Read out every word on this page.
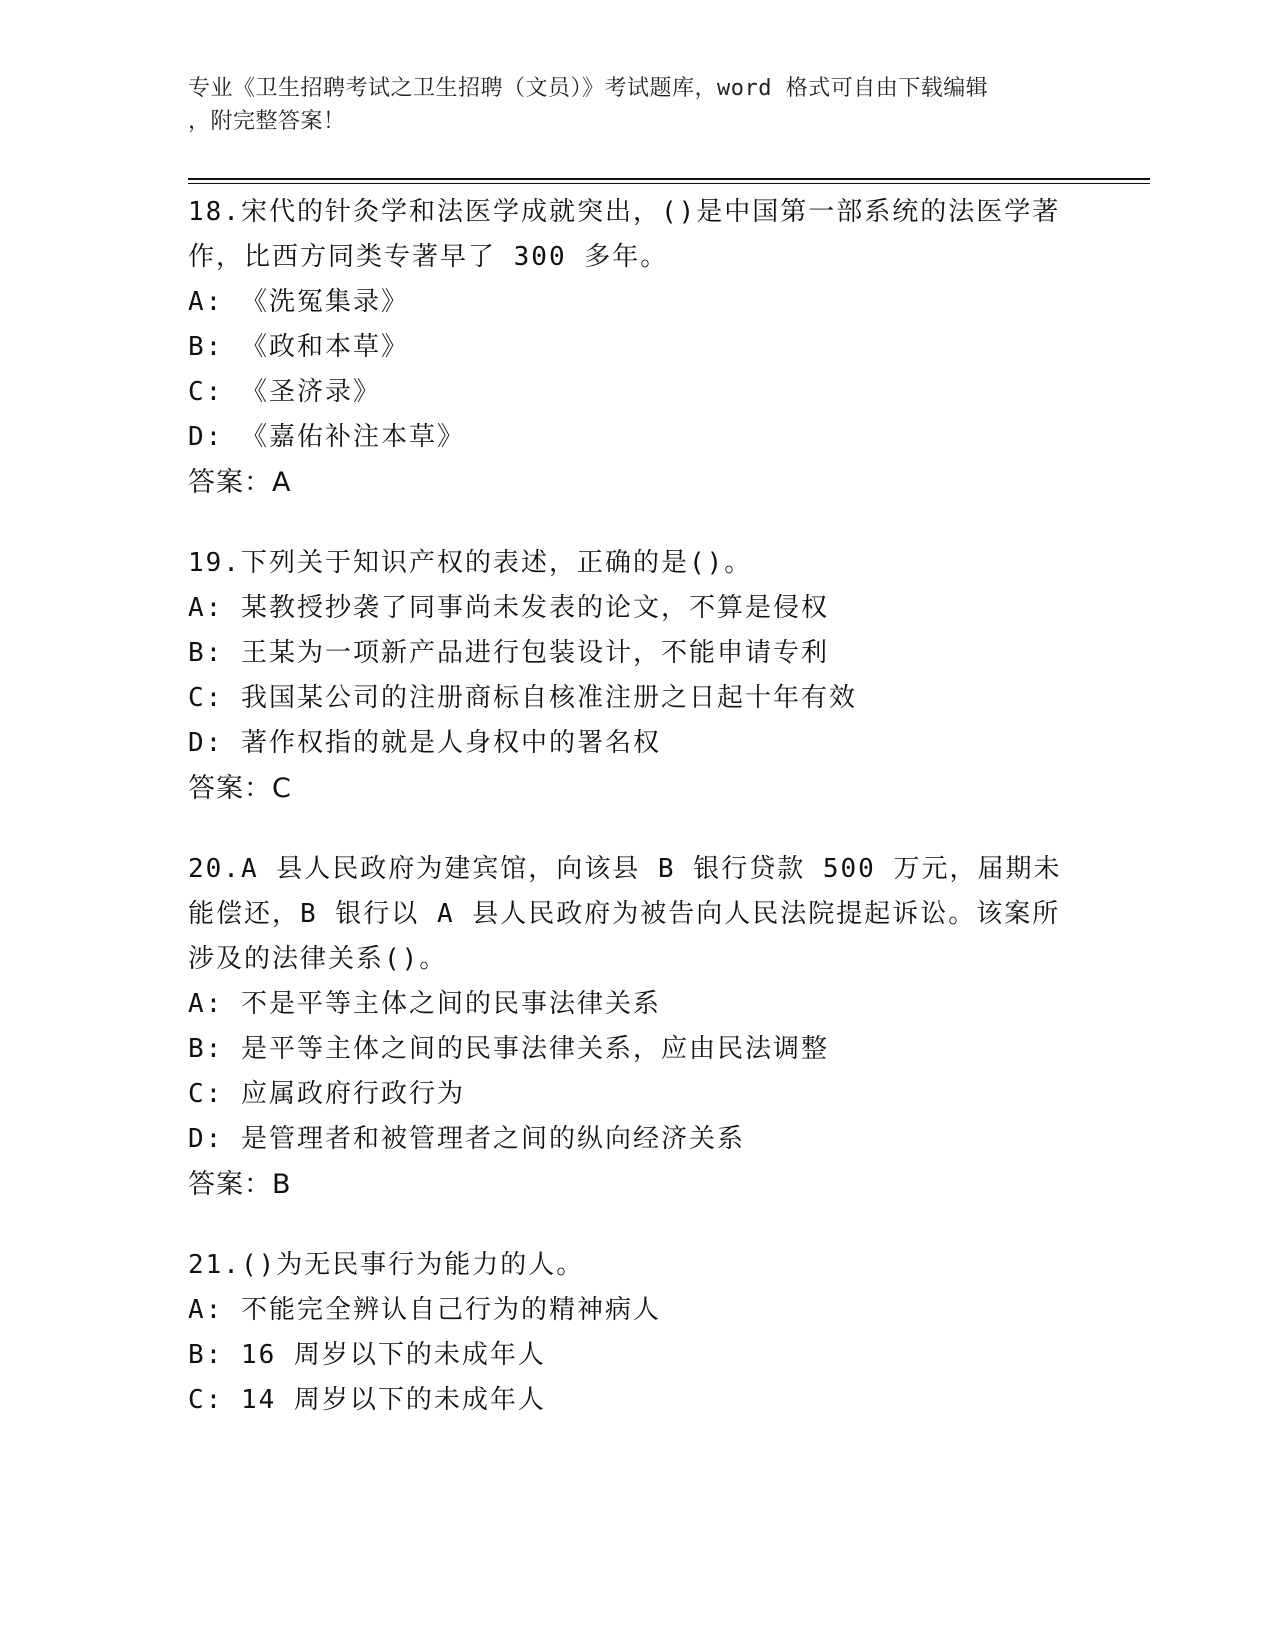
专业《卫生招聘考试之卫生招聘（文员）》考试题库，word 格式可自由下载编辑
，附完整答案！
18.宋代的针灸学和法医学成就突出，()是中国第一部系统的法医学著作，比西方同类专著早了 300 多年。
A: 《洗冤集录》
B: 《政和本草》
C: 《圣济录》
D: 《嘉佑补注本草》
答案：A
19.下列关于知识产权的表述，正确的是()。
A: 某教授抄袭了同事尚未发表的论文，不算是侵权
B: 王某为一项新产品进行包装设计，不能申请专利
C: 我国某公司的注册商标自核准注册之日起十年有效
D: 著作权指的就是人身权中的署名权
答案：C
20.A 县人民政府为建宾馆，向该县 B 银行贷款 500 万元，届期未能偿还，B 银行以 A 县人民政府为被告向人民法院提起诉讼。该案所涉及的法律关系()。
A: 不是平等主体之间的民事法律关系
B: 是平等主体之间的民事法律关系，应由民法调整
C: 应属政府行政行为
D: 是管理者和被管理者之间的纵向经济关系
答案：B
21.()为无民事行为能力的人。
A: 不能完全辨认自己行为的精神病人
B: 16 周岁以下的未成年人
C: 14 周岁以下的未成年人
